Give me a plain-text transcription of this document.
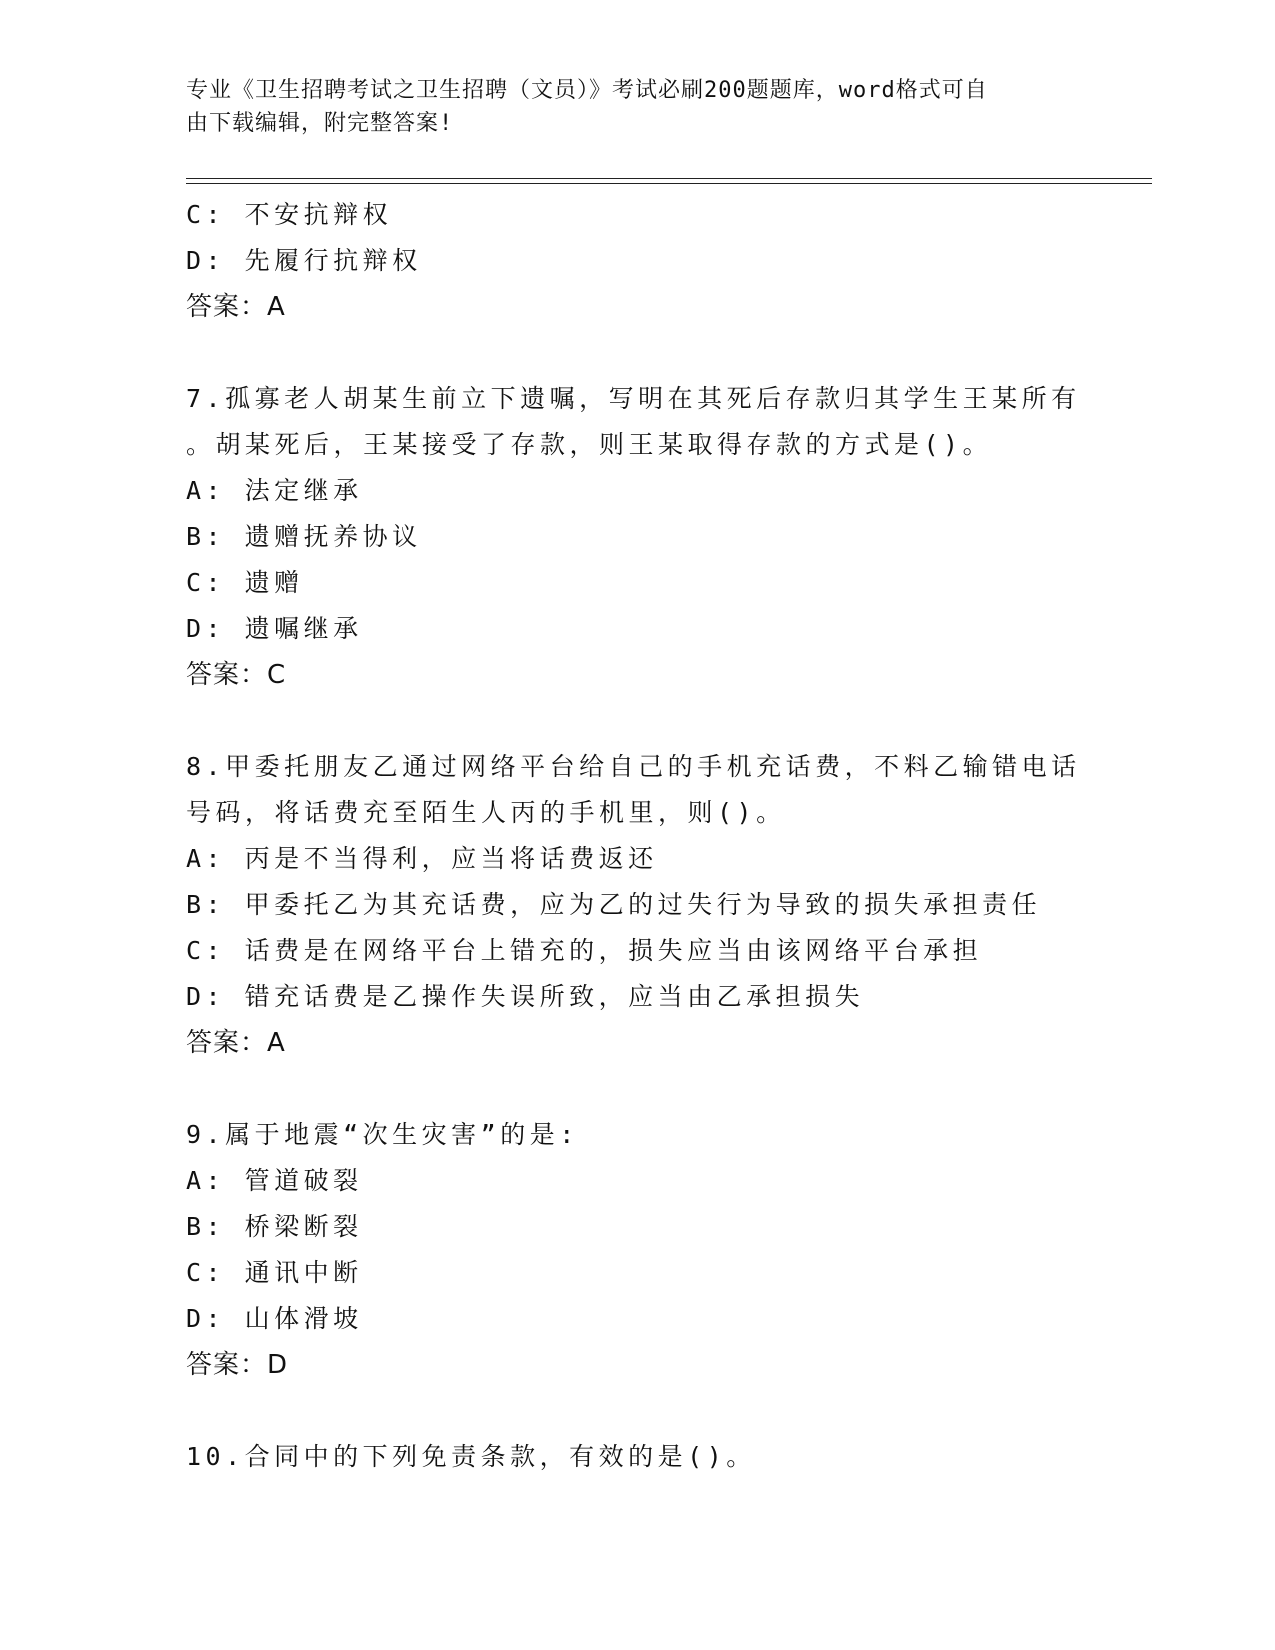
专业《卫生招聘考试之卫生招聘（文员）》考试必刷200题题库，word格式可自
由下载编辑，附完整答案!
C: 不安抗辩权
D: 先履行抗辩权
答案：A
7.孤寡老人胡某生前立下遗嘱，写明在其死后存款归其学生王某所有
。胡某死后，王某接受了存款，则王某取得存款的方式是()。
A: 法定继承
B: 遗赠抚养协议
C: 遗赠
D: 遗嘱继承
答案：C
8.甲委托朋友乙通过网络平台给自己的手机充话费，不料乙输错电话
号码，将话费充至陌生人丙的手机里，则()。
A: 丙是不当得利，应当将话费返还
B: 甲委托乙为其充话费，应为乙的过失行为导致的损失承担责任
C: 话费是在网络平台上错充的，损失应当由该网络平台承担
D: 错充话费是乙操作失误所致，应当由乙承担损失
答案：A
9.属于地震“次生灾害”的是:
A: 管道破裂
B: 桥梁断裂
C: 通讯中断
D: 山体滑坡
答案：D
10.合同中的下列免责条款，有效的是()。
